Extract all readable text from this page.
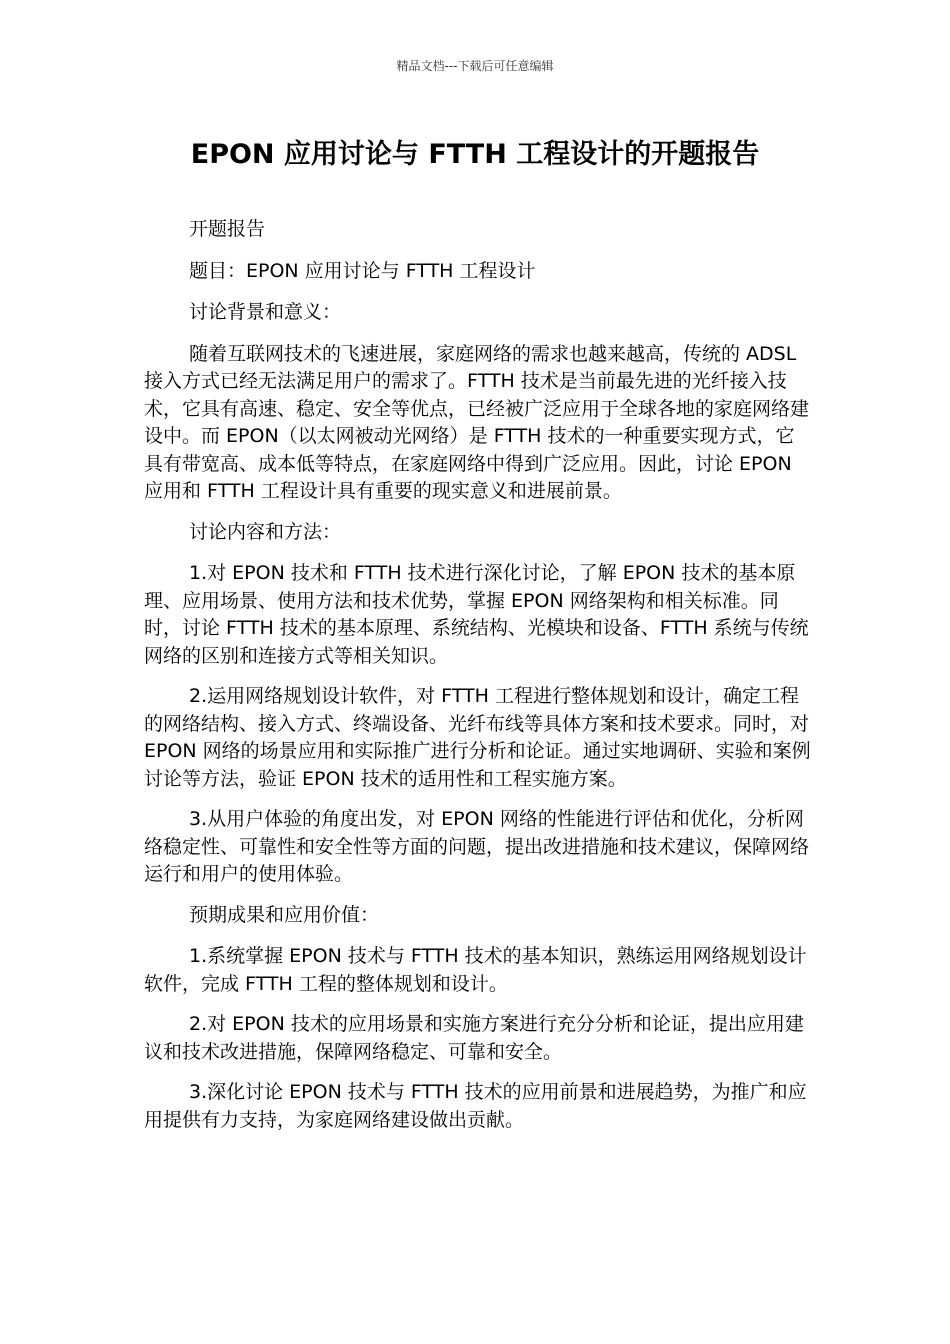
精品文档---下载后可任意编辑
EPON 应用讨论与 FTTH 工程设计的开题报告

开题报告

题目：EPON 应用讨论与 FTTH 工程设计

讨论背景和意义：

随着互联网技术的飞速进展，家庭网络的需求也越来越高，传统的 ADSL 接入方式已经无法满足用户的需求了。FTTH 技术是当前最先进的光纤接入技术，它具有高速、稳定、安全等优点，已经被广泛应用于全球各地的家庭网络建设中。而 EPON（以太网被动光网络）是 FTTH 技术的一种重要实现方式，它具有带宽高、成本低等特点，在家庭网络中得到广泛应用。因此，讨论 EPON 应用和 FTTH 工程设计具有重要的现实意义和进展前景。

讨论内容和方法：

1.对 EPON 技术和 FTTH 技术进行深化讨论，了解 EPON 技术的基本原理、应用场景、使用方法和技术优势，掌握 EPON 网络架构和相关标准。同时，讨论 FTTH 技术的基本原理、系统结构、光模块和设备、FTTH 系统与传统网络的区别和连接方式等相关知识。

2.运用网络规划设计软件，对 FTTH 工程进行整体规划和设计，确定工程的网络结构、接入方式、终端设备、光纤布线等具体方案和技术要求。同时，对 EPON 网络的场景应用和实际推广进行分析和论证。通过实地调研、实验和案例讨论等方法，验证 EPON 技术的适用性和工程实施方案。

3.从用户体验的角度出发，对 EPON 网络的性能进行评估和优化，分析网络稳定性、可靠性和安全性等方面的问题，提出改进措施和技术建议，保障网络运行和用户的使用体验。

预期成果和应用价值：

1.系统掌握 EPON 技术与 FTTH 技术的基本知识，熟练运用网络规划设计软件，完成 FTTH 工程的整体规划和设计。

2.对 EPON 技术的应用场景和实施方案进行充分分析和论证，提出应用建议和技术改进措施，保障网络稳定、可靠和安全。

3.深化讨论 EPON 技术与 FTTH 技术的应用前景和进展趋势，为推广和应用提供有力支持，为家庭网络建设做出贡献。
